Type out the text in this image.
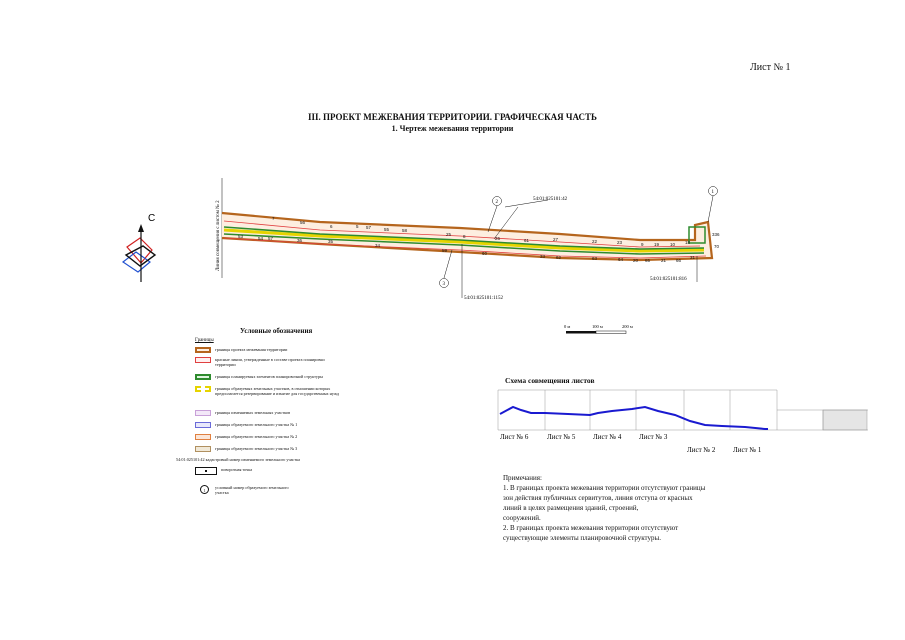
Лист № 1
III. ПРОЕКТ МЕЖЕВАНИЯ ТЕРРИТОРИИ. ГРАФИЧЕСКАЯ ЧАСТЬ
1. Чертеж межевания территории
Линия совмещения с листом № 2
С	7
56
6	5 57	55	58
25	8	26	61	27	22	23	9 19 10 18
336
70
53	54 57	36	35
34
59
60
33 62	63	64 20 65 21 66
31
54:01:025101:42
54:01:025101:1152
54:01:025101:816
1
2
3
0 м	100 м	200 м
Лист № 6	Лист № 5	Лист № 4	Лист № 3
Лист № 2	Лист № 1
Условные обозначения
Границы
границы проекта межевания территории
красные линии, утвержденные в составе проекта планировки территории
границы планируемых элементов планировочной структуры
границы образуемых земельных участков, в отношении которых предполагается резервирование и изъятие для государственных нужд
границы изменяемых земельных участков
границы образуемого земельного участка № 1
границы образуемого земельного участка № 2
границы образуемого земельного участка № 3
54:01:025101:42 кадастровый номер изменяемого земельного участка
поворотная точка
1
условный номер образуемого земельного участка
Схема совмещения листов
Примечания:
1. В границах проекта межевания территории отсутствуют границы
зон действия публичных сервитутов, линия отступа от красных
линий в целях размещения зданий, строений,
сооружений.
2. В границах проекта межевания территории отсутствуют
существующие элементы планировочной структуры.
